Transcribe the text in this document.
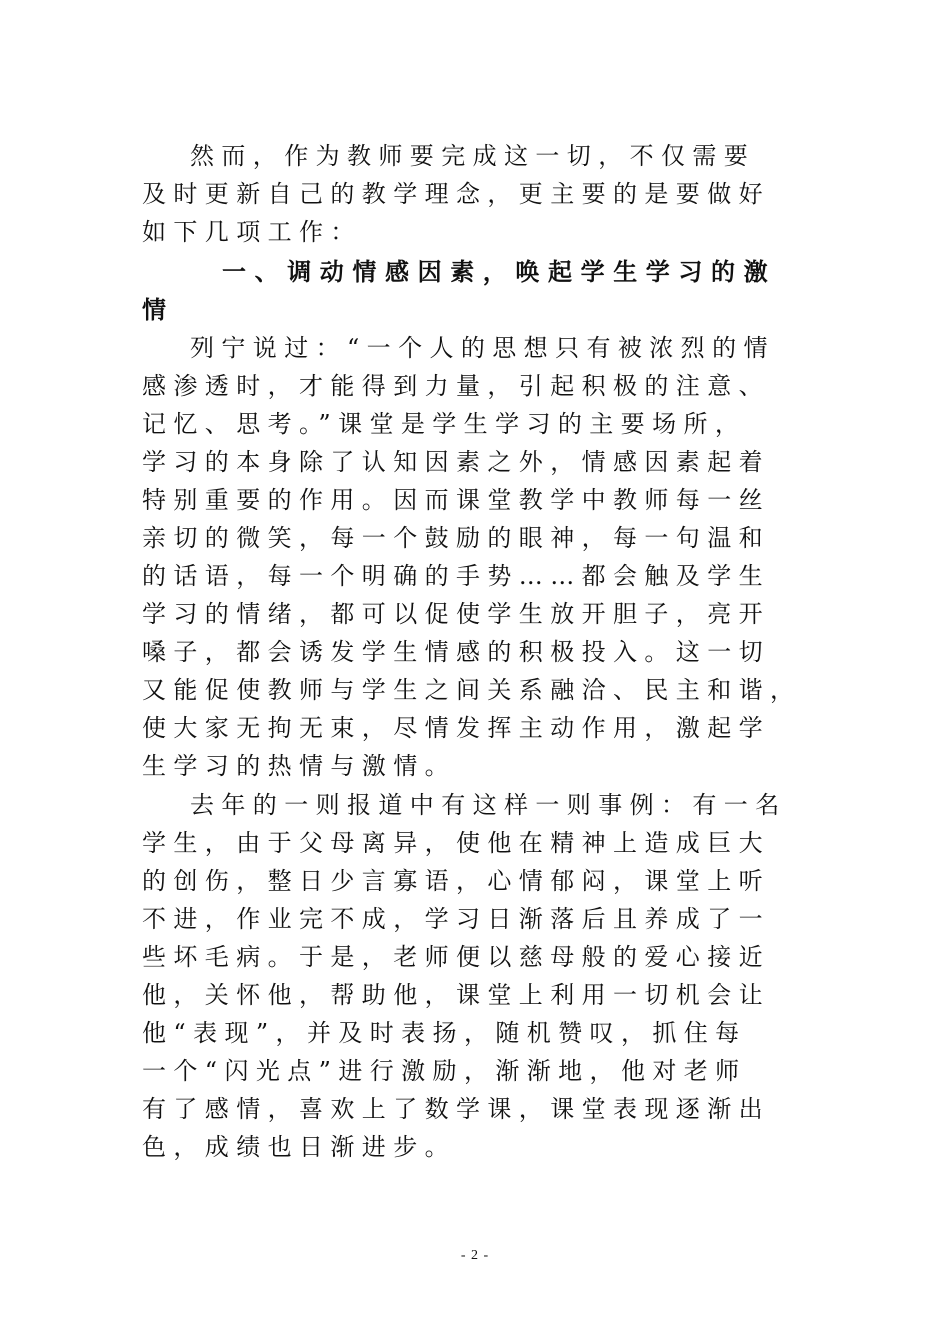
然而，作为教师要完成这一切，不仅需要
及时更新自己的教学理念，更主要的是要做好
如下几项工作：
一、调动情感因素，唤起学生学习的激
情
列宁说过：“一个人的思想只有被浓烈的情
感渗透时，才能得到力量，引起积极的注意、
记忆、思考。”课堂是学生学习的主要场所，
学习的本身除了认知因素之外，情感因素起着
特别重要的作用。因而课堂教学中教师每一丝
亲切的微笑，每一个鼓励的眼神，每一句温和
的话语，每一个明确的手势……都会触及学生
学习的情绪，都可以促使学生放开胆子，亮开
嗓子，都会诱发学生情感的积极投入。这一切
又能促使教师与学生之间关系融洽、民主和谐，
使大家无拘无束，尽情发挥主动作用，激起学
生学习的热情与激情。
去年的一则报道中有这样一则事例：有一名
学生，由于父母离异，使他在精神上造成巨大
的创伤，整日少言寡语，心情郁闷，课堂上听
不进，作业完不成，学习日渐落后且养成了一
些坏毛病。于是，老师便以慈母般的爱心接近
他，关怀他，帮助他，课堂上利用一切机会让
他“表现”，并及时表扬，随机赞叹，抓住每
一个“闪光点”进行激励，渐渐地，他对老师
有了感情，喜欢上了数学课，课堂表现逐渐出
色，成绩也日渐进步。
- 2 -
